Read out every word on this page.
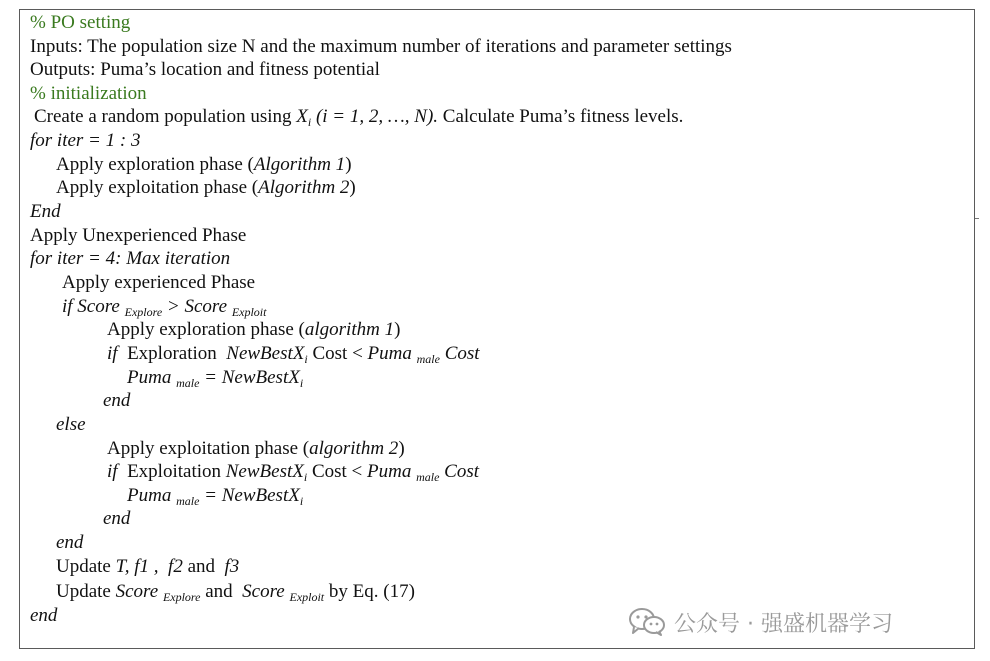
% PO setting
Inputs: The population size N and the maximum number of iterations and parameter settings
Outputs: Puma’s location and fitness potential
% initialization
Create a random population using $X_i$ (i = 1, 2, …, N). Calculate Puma’s fitness levels.
for iter = 1 : 3
Apply exploration phase (Algorithm 1)
Apply exploitation phase (Algorithm 2)
End
Apply Unexperienced Phase
for iter = 4: Max iteration
Apply experienced Phase
if Score $_{Explore}$ > Score $_{Exploit}$
Apply exploration phase (algorithm 1)
if  Exploration  NewBestX$_i$ Cost < Puma $_{male}$ Cost
Puma $_{male}$ = NewBestX$_i$
end
else
Apply exploitation phase (algorithm 2)
if  Exploitation NewBestX$_i$ Cost < Puma $_{male}$ Cost
Puma $_{male}$ = NewBestX$_i$
end
end
Update T, f1 ,  f2 and  f3
Update Score $_{Explore}$ and  Score $_{Exploit}$ by Eq. (17)
end	公众号 · 强盛机器学习
